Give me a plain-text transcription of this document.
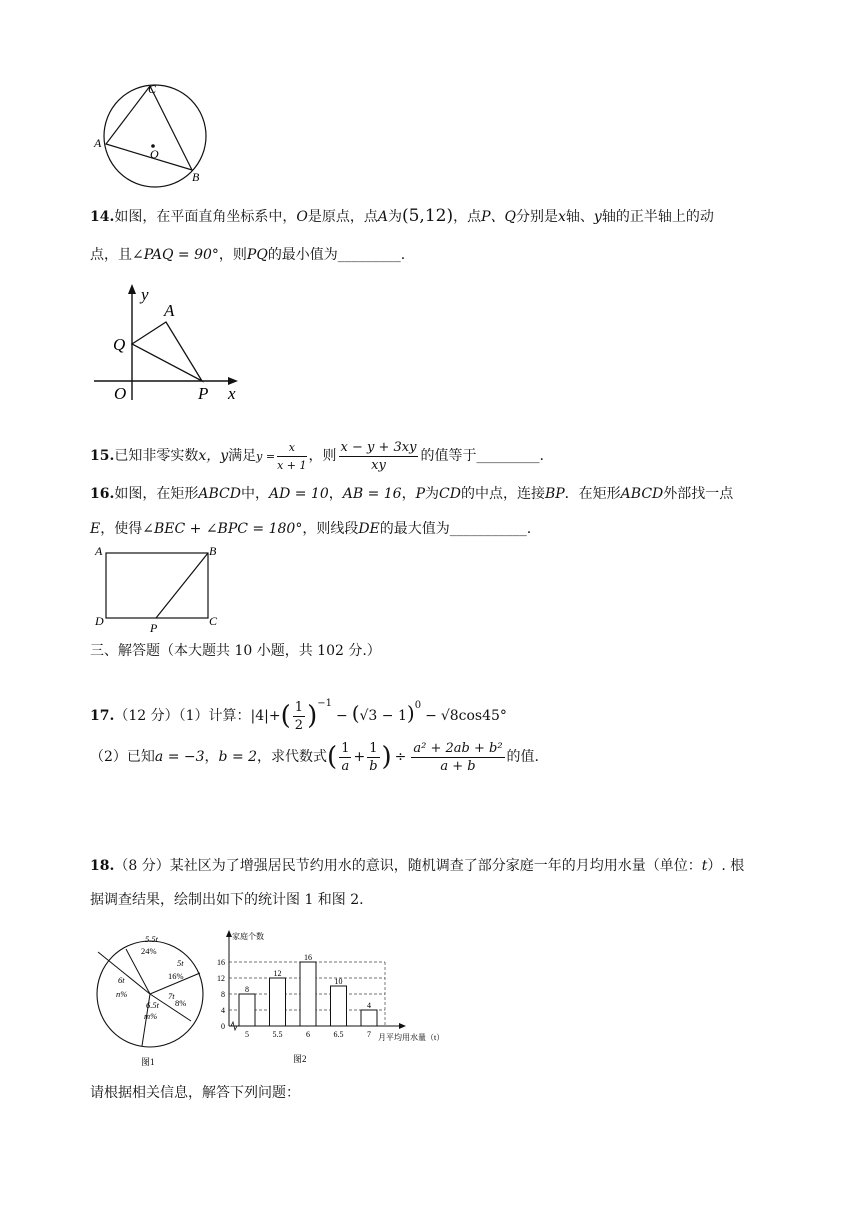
C
A
O
B
14.如图，在平面直角坐标系中，O是原点，点A为(5,12)，点P、Q分别是x轴、y轴的正半轴上的动
点，且∠PAQ = 90°，则PQ的最小值为_________.
y
A
Q
O	P x
15.已知非零实数x，y满足$y = \frac{x}{x + 1}$ ，则 $\frac{x - y + 3xy}{xy}$ 的值等于_________.
16.如图，在矩形ABCD中，AD = 10，AB = 16，P为CD的中点，连接BP．在矩形ABCD外部找一点
E，使得∠BEC + ∠BPC = 180°，则线段DE的最大值为___________.
A	B
D	C
P
三、解答题（本大题共 10 小题，共 102 分.）
17.（12 分）（1）计算：$|4|+( \frac{1}{2} )^{-1}- (√3 - 1)^0- √8\cos 45^\circ$
（2）已知a = −3，b = 2，求代数式( $\frac{1}{a} + \frac{1}{b}$ ) ÷ $\frac{\text{a² + 2ab + b²}}{a + b}$ 的值.
18.（8 分）某社区为了增强居民节约用水的意识，随机调查了部分家庭一年的月均用水量（单位：t）. 根
据调查结果，绘制出如下的统计图 1 和图 2.
5.5t
24%
5t
16%
7t
8%
6.5t
m%
6t
n%
图1
0
4
8
12
16
家庭个数
8
5
12
5.5
16
6
10
6.5
4
7 月平均用水量（t）
图2
请根据相关信息，解答下列问题：
